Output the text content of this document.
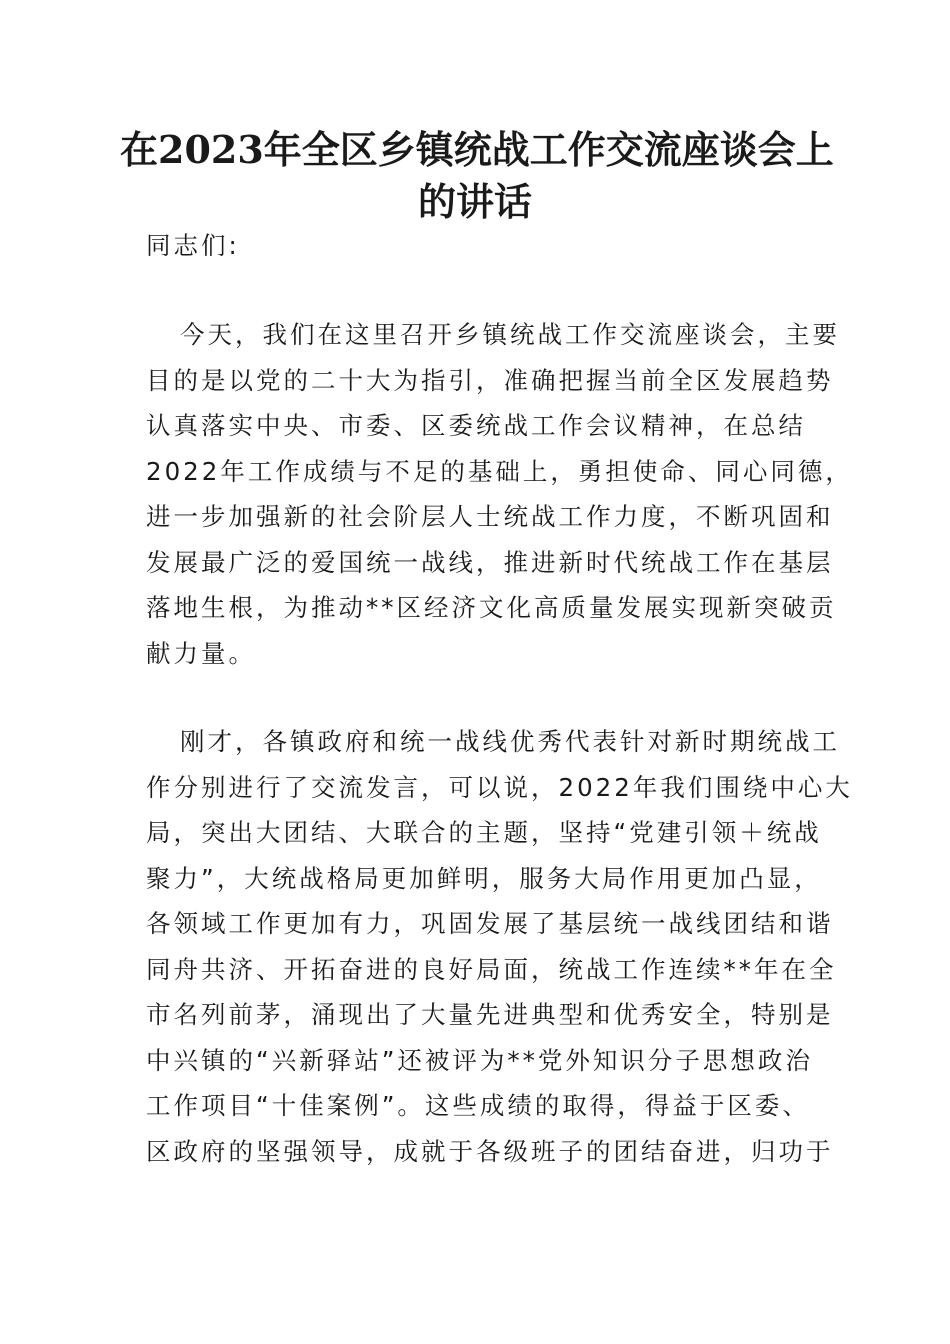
在2023年全区乡镇统战工作交流座谈会上
的讲话
同志们:
今天，我们在这里召开乡镇统战工作交流座谈会，主要
目的是以党的二十大为指引，准确把握当前全区发展趋势
认真落实中央、市委、区委统战工作会议精神，在总结
2022年工作成绩与不足的基础上，勇担使命、同心同德，
进一步加强新的社会阶层人士统战工作力度，不断巩固和
发展最广泛的爱国统一战线，推进新时代统战工作在基层
落地生根，为推动**区经济文化高质量发展实现新突破贡
献力量。
刚才，各镇政府和统一战线优秀代表针对新时期统战工
作分别进行了交流发言，可以说，2022年我们围绕中心大
局，突出大团结、大联合的主题，坚持“党建引领＋统战
聚力”，大统战格局更加鲜明，服务大局作用更加凸显，
各领域工作更加有力，巩固发展了基层统一战线团结和谐
同舟共济、开拓奋进的良好局面，统战工作连续**年在全
市名列前茅，涌现出了大量先进典型和优秀安全，特别是
中兴镇的“兴新驿站”还被评为**党外知识分子思想政治
工作项目“十佳案例”。这些成绩的取得，得益于区委、
区政府的坚强领导，成就于各级班子的团结奋进，归功于
